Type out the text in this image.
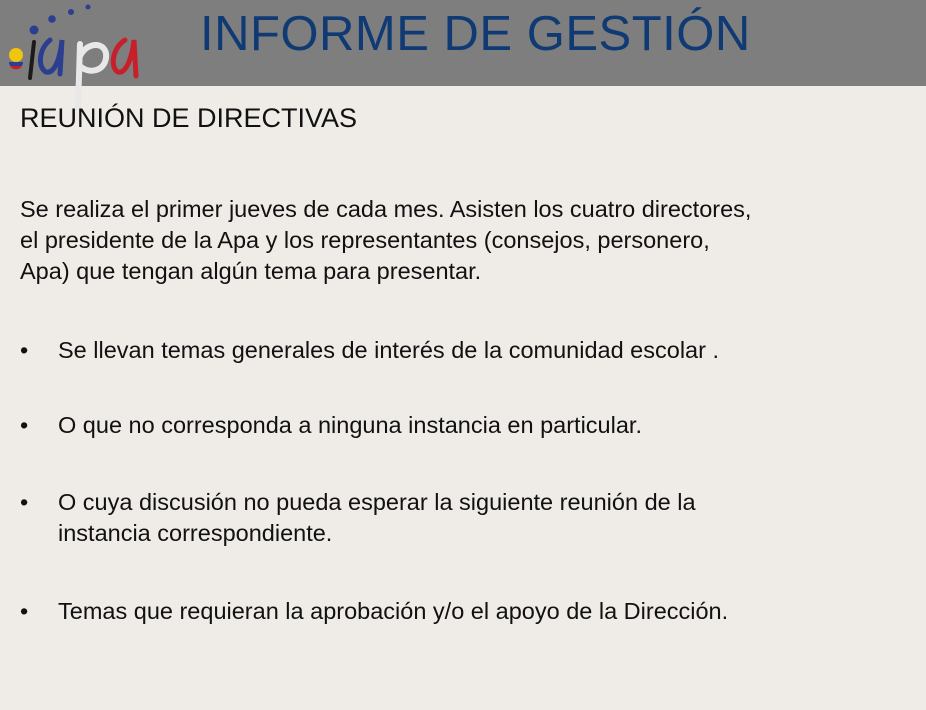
INFORME DE GESTIÓN
REUNIÓN DE DIRECTIVAS
Se realiza el primer jueves de cada mes. Asisten los cuatro directores,
el presidente de la Apa y los representantes (consejos, personero,
Apa) que tengan algún tema para presentar.
• Se llevan temas generales de interés de la comunidad escolar .
• O que no corresponda a ninguna instancia en particular.
• O cuya discusión no pueda esperar la siguiente reunión de la
instancia correspondiente.
• Temas que requieran la aprobación y/o el apoyo de la Dirección.
